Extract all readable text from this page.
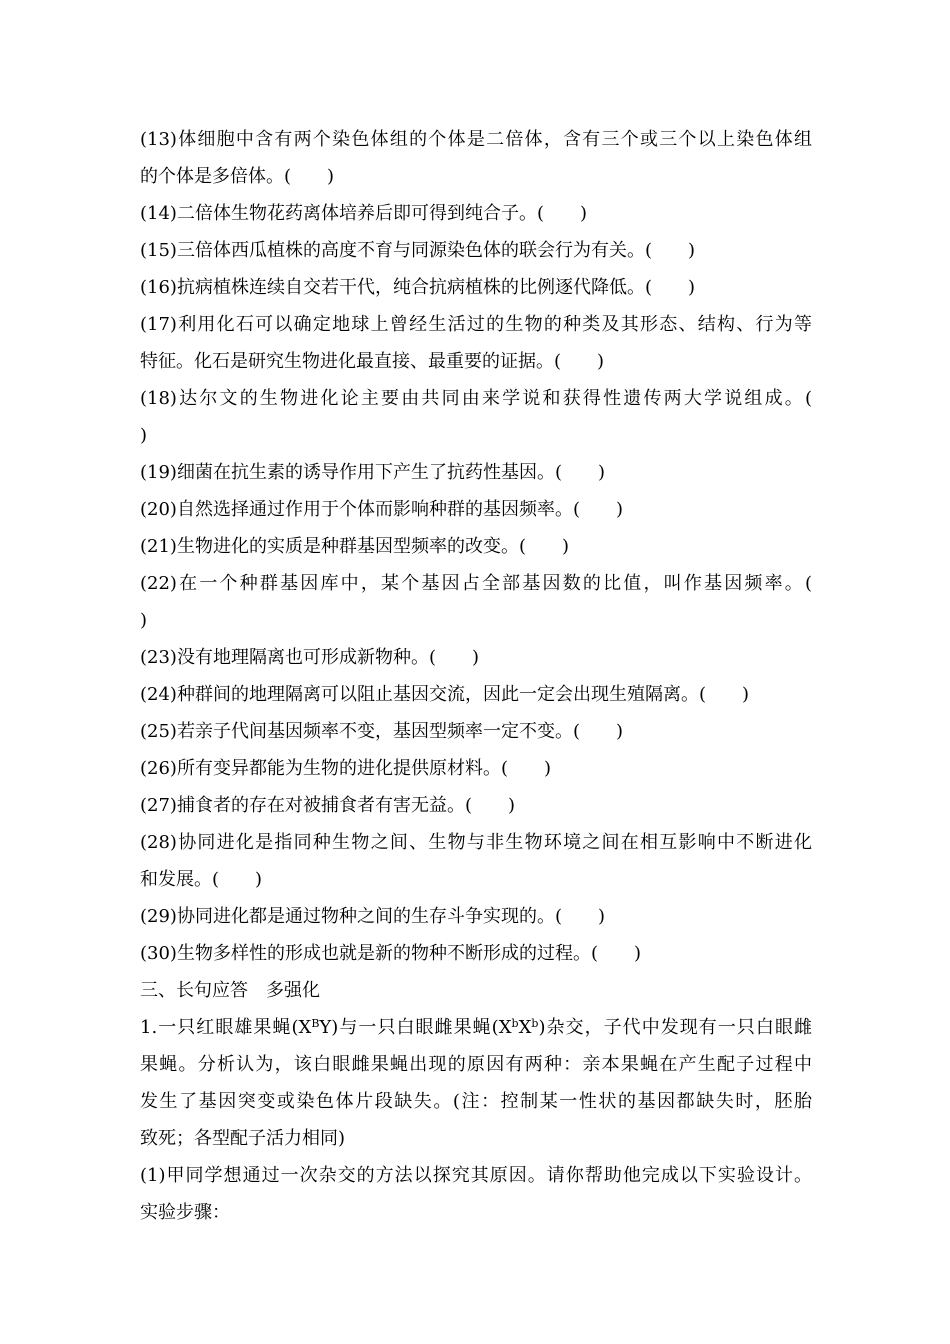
(13)体细胞中含有两个染色体组的个体是二倍体，含有三个或三个以上染色体组
的个体是多倍体。(　　)
(14)二倍体生物花药离体培养后即可得到纯合子。(　　)
(15)三倍体西瓜植株的高度不育与同源染色体的联会行为有关。(　　)
(16)抗病植株连续自交若干代，纯合抗病植株的比例逐代降低。(　　)
(17)利用化石可以确定地球上曾经生活过的生物的种类及其形态、结构、行为等
特征。化石是研究生物进化最直接、最重要的证据。(　　)
(18)达尔文的生物进化论主要由共同由来学说和获得性遗传两大学说组成。(
)
(19)细菌在抗生素的诱导作用下产生了抗药性基因。(　　)
(20)自然选择通过作用于个体而影响种群的基因频率。(　　)
(21)生物进化的实质是种群基因型频率的改变。(　　)
(22)在一个种群基因库中，某个基因占全部基因数的比值，叫作基因频率。(
)
(23)没有地理隔离也可形成新物种。(　　)
(24)种群间的地理隔离可以阻止基因交流，因此一定会出现生殖隔离。(　　)
(25)若亲子代间基因频率不变，基因型频率一定不变。(　　)
(26)所有变异都能为生物的进化提供原材料。(　　)
(27)捕食者的存在对被捕食者有害无益。(　　)
(28)协同进化是指同种生物之间、生物与非生物环境之间在相互影响中不断进化
和发展。(　　)
(29)协同进化都是通过物种之间的生存斗争实现的。(　　)
(30)生物多样性的形成也就是新的物种不断形成的过程。(　　)
三、长句应答　多强化
1.一只红眼雄果蝇$(X^BY)$与一只白眼雌果蝇$(X^bX^b)$杂交，子代中发现有一只白眼雌
果蝇。分析认为，该白眼雌果蝇出现的原因有两种：亲本果蝇在产生配子过程中
发生了基因突变或染色体片段缺失。(注：控制某一性状的基因都缺失时，胚胎
致死；各型配子活力相同)
(1)甲同学想通过一次杂交的方法以探究其原因。请你帮助他完成以下实验设计。
实验步骤：
